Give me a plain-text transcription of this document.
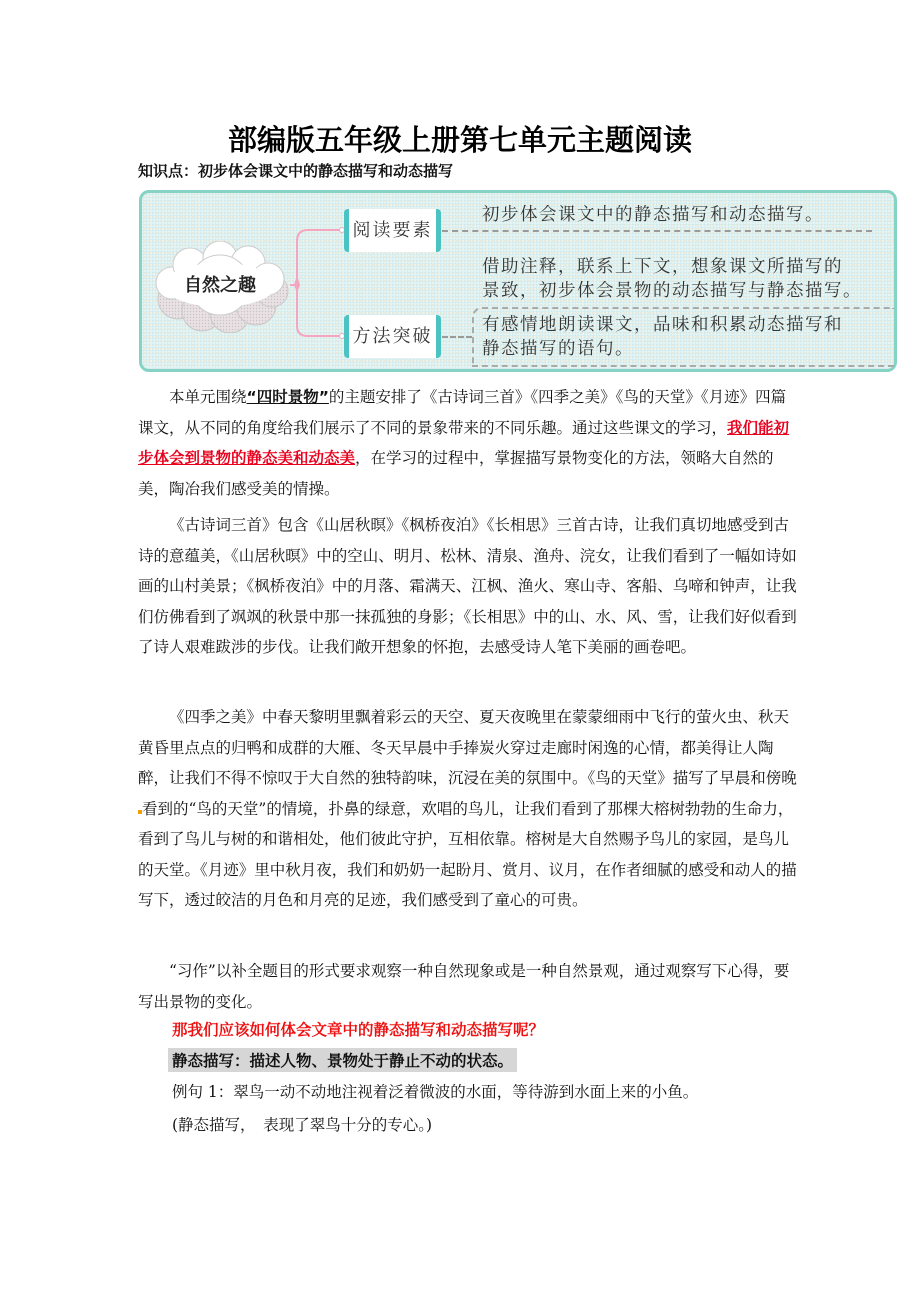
部编版五年级上册第七单元主题阅读
知识点：初步体会课文中的静态描写和动态描写
自然之趣
阅读要素
方法突破
初步体会课文中的静态描写和动态描写。
借助注释，联系上下文，想象课文所描写的
景致，初步体会景物的动态描写与静态描写。
有感情地朗读课文，品味和积累动态描写和
静态描写的语句。
本单元围绕“四时景物”的主题安排了《古诗词三首》《四季之美》《鸟的天堂》《月迹》四篇课文，从不同的角度给我们展示了不同的景象带来的不同乐趣。通过这些课文的学习，我们能初步体会到景物的静态美和动态美，在学习的过程中，掌握描写景物变化的方法，领略大自然的美，陶冶我们感受美的情操。
《古诗词三首》包含《山居秋暝》《枫桥夜泊》《长相思》三首古诗，让我们真切地感受到古诗的意蕴美，《山居秋暝》中的空山、明月、松林、清泉、渔舟、浣女，让我们看到了一幅如诗如画的山村美景；《枫桥夜泊》中的月落、霜满天、江枫、渔火、寒山寺、客船、乌啼和钟声，让我们仿佛看到了飒飒的秋景中那一抹孤独的身影；《长相思》中的山、水、风、雪，让我们好似看到了诗人艰难跋涉的步伐。让我们敞开想象的怀抱，去感受诗人笔下美丽的画卷吧。
《四季之美》中春天黎明里飘着彩云的天空、夏天夜晚里在蒙蒙细雨中飞行的萤火虫、秋天黄昏里点点的归鸭和成群的大雁、冬天早晨中手捧炭火穿过走廊时闲逸的心情，都美得让人陶醉，让我们不得不惊叹于大自然的独特韵味，沉浸在美的氛围中。《鸟的天堂》描写了早晨和傍晚看到的“鸟的天堂”的情境，扑鼻的绿意，欢唱的鸟儿，让我们看到了那棵大榕树勃勃的生命力，看到了鸟儿与树的和谐相处，他们彼此守护，互相依靠。榕树是大自然赐予鸟儿的家园，是鸟儿的天堂。《月迹》里中秋月夜，我们和奶奶一起盼月、赏月、议月，在作者细腻的感受和动人的描写下，透过皎洁的月色和月亮的足迹，我们感受到了童心的可贵。
“习作”以补全题目的形式要求观察一种自然现象或是一种自然景观，通过观察写下心得，要写出景物的变化。
那我们应该如何体会文章中的静态描写和动态描写呢？
静态描写：描述人物、景物处于静止不动的状态。
例句 1：翠鸟一动不动地注视着泛着微波的水面，等待游到水面上来的小鱼。
(静态描写，　表现了翠鸟十分的专心。)
